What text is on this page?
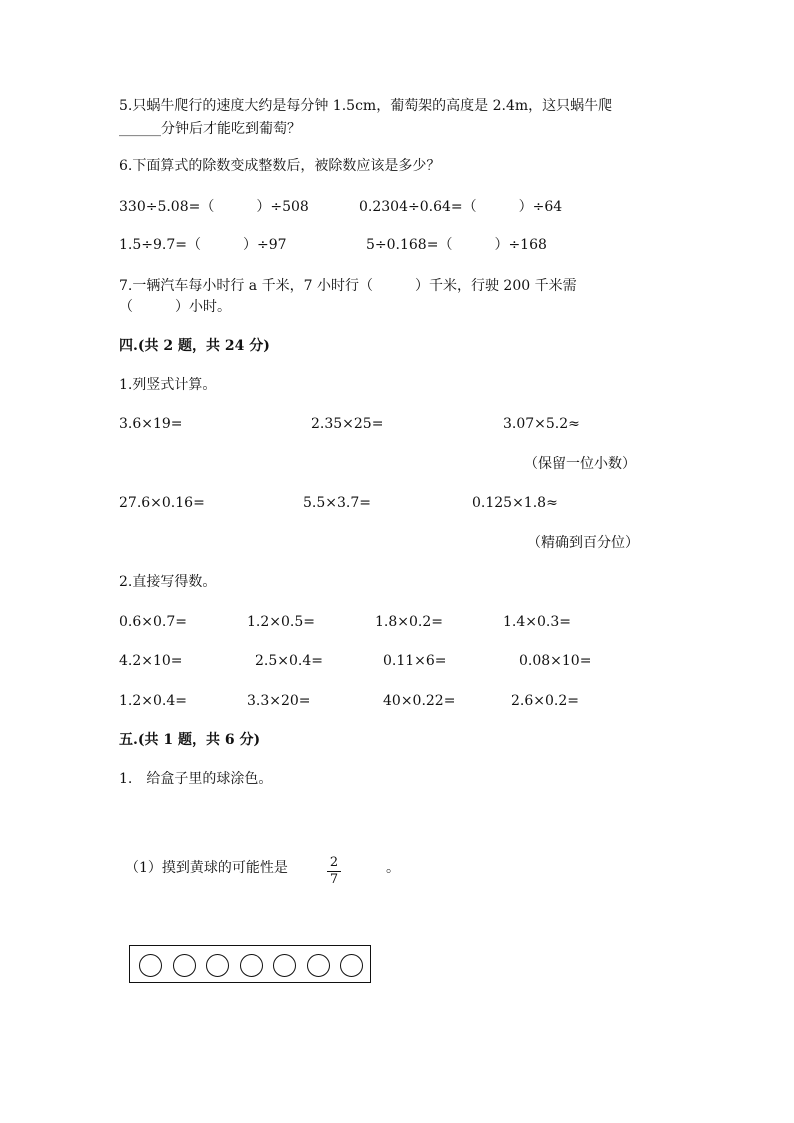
5.只蜗牛爬行的速度大约是每分钟 1.5cm，葡萄架的高度是 2.4m，这只蜗牛爬
______分钟后才能吃到葡萄？
6.下面算式的除数变成整数后，被除数应该是多少？
330÷5.08=（　　　）÷508	0.2304÷0.64=（　　　）÷64
1.5÷9.7=（　　　）÷97	5÷0.168=（　　　）÷168
7.一辆汽车每小时行 a 千米，7 小时行（　　　）千米，行驶 200 千米需
（　　　）小时。
四.(共 2 题，共 24 分)
1.列竖式计算。
3.6×19=	2.35×25=	3.07×5.2≈
（保留一位小数）
27.6×0.16=	5.5×3.7=	0.125×1.8≈
（精确到百分位）
2.直接写得数。
0.6×0.7=	1.2×0.5=	1.8×0.2=	1.4×0.3=
4.2×10=	2.5×0.4=	0.11×6=	0.08×10=
1.2×0.4=	3.3×20=	40×0.22=	2.6×0.2=
五.(共 1 题，共 6 分)
1.　给盒子里的球涂色。
（1）摸到黄球的可能性是	2
7
。
